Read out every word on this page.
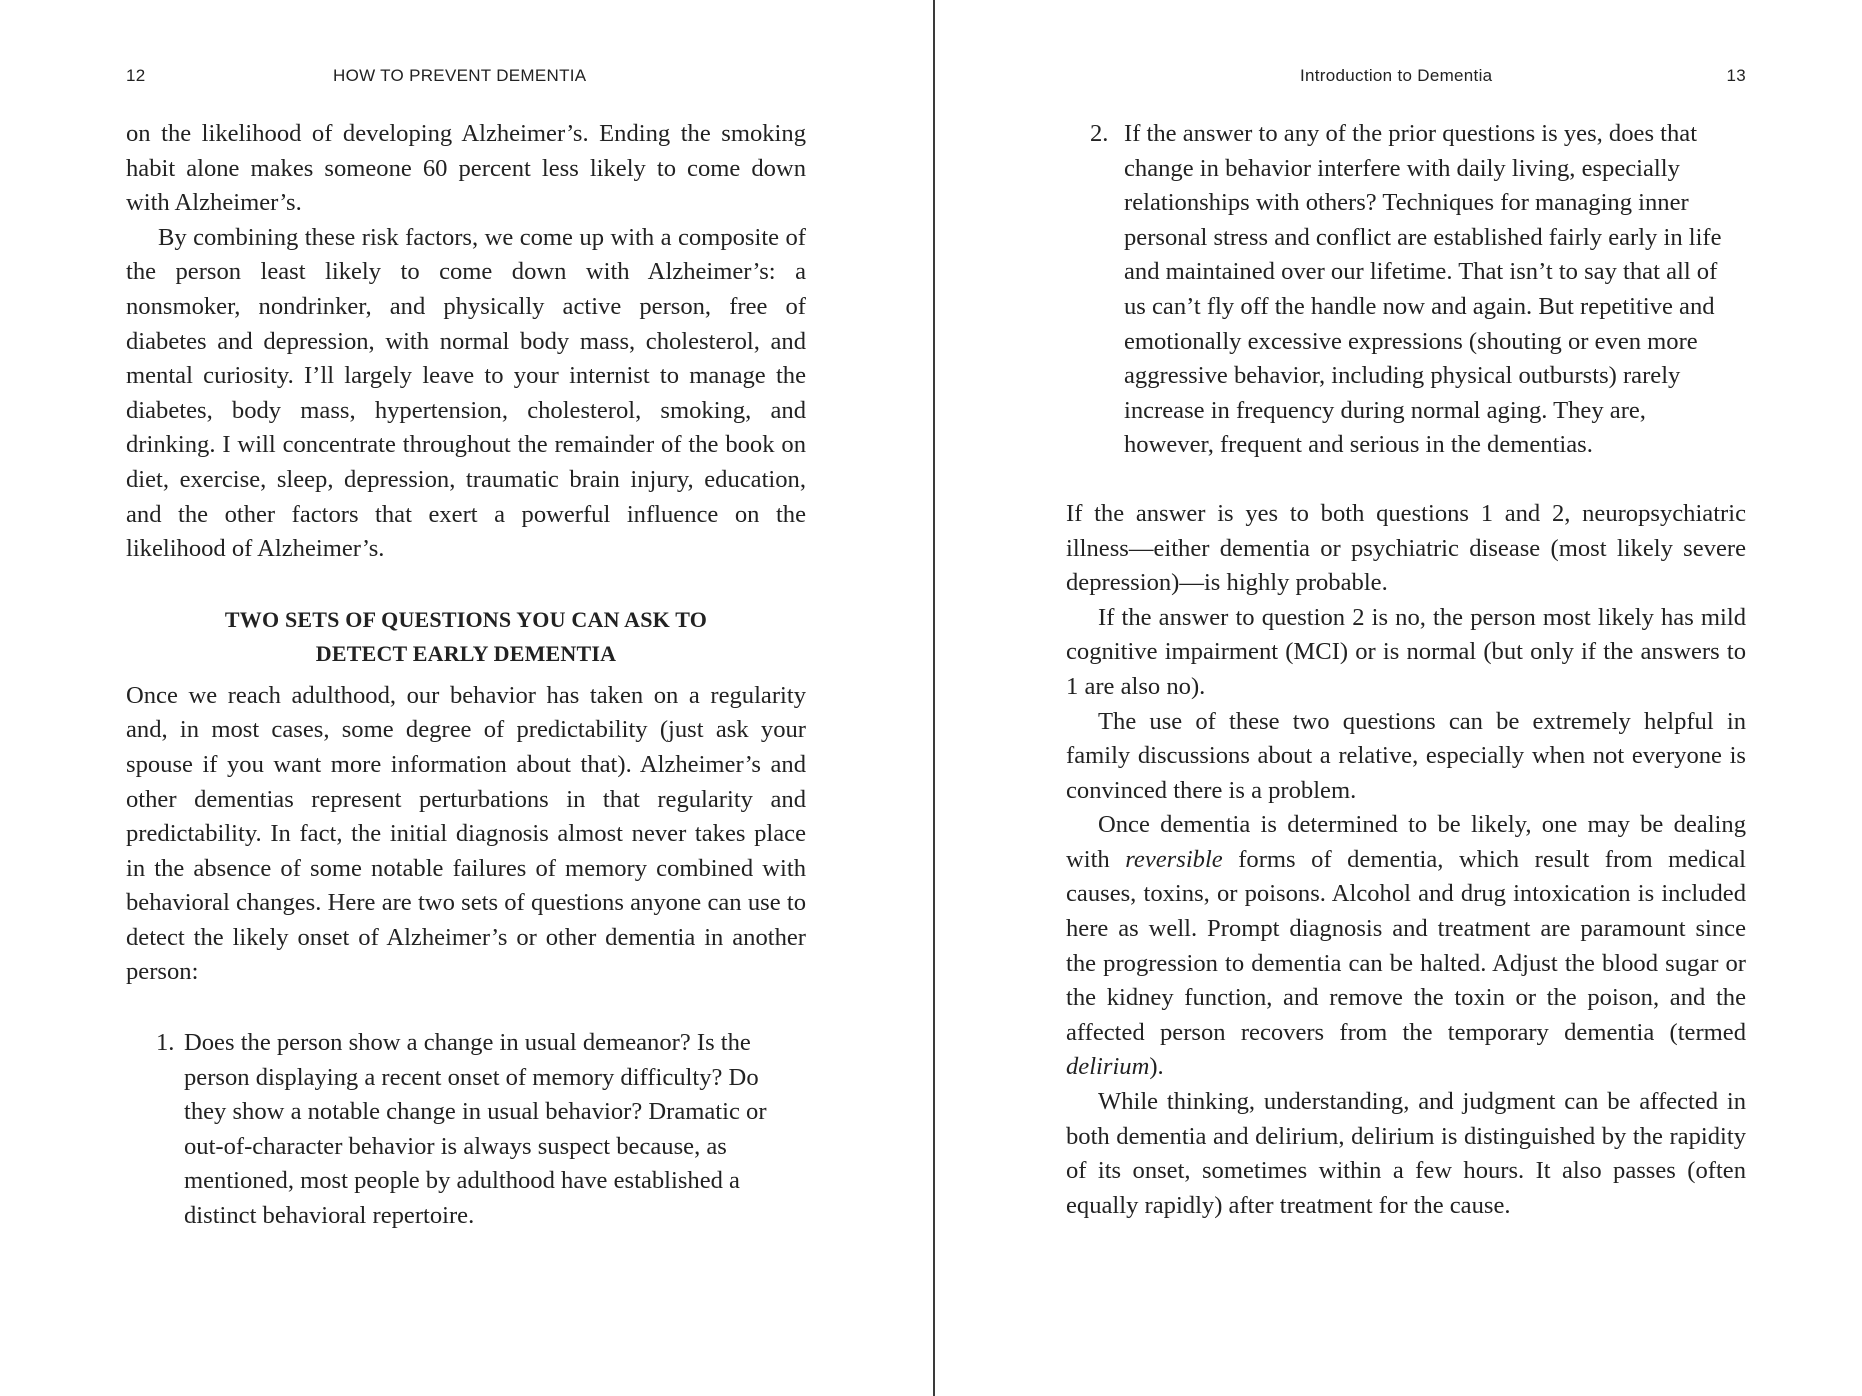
12	HOW TO PREVENT DEMENTIA

on the likelihood of developing Alzheimer’s. Ending the smoking habit alone makes someone 60 percent less likely to come down with Alzheimer’s.

By combining these risk factors, we come up with a composite of the person least likely to come down with Alzheimer’s: a nonsmoker, nondrinker, and physically active person, free of diabetes and depression, with normal body mass, cholesterol, and mental curiosity. I’ll largely leave to your internist to manage the diabetes, body mass, hypertension, cholesterol, smoking, and drinking. I will concentrate throughout the remainder of the book on diet, exercise, sleep, depression, traumatic brain injury, education, and the other factors that exert a powerful influence on the likelihood of Alzheimer’s.

TWO SETS OF QUESTIONS YOU CAN ASK TO
DETECT EARLY DEMENTIA

Once we reach adulthood, our behavior has taken on a regularity and, in most cases, some degree of predictability (just ask your spouse if you want more information about that). Alzheimer’s and other dementias represent perturbations in that regularity and predictability. In fact, the initial diagnosis almost never takes place in the absence of some notable failures of memory combined with behavioral changes. Here are two sets of questions anyone can use to detect the likely onset of Alzheimer’s or other dementia in another person:

1. Does the person show a change in usual demeanor? Is the person displaying a recent onset of memory difficulty? Do they show a notable change in usual behavior? Dramatic or out-of-character behavior is always suspect because, as mentioned, most people by adulthood have established a distinct behavioral repertoire.
Introduction to Dementia	13
2. If the answer to any of the prior questions is yes, does that change in behavior interfere with daily living, especially relationships with others? Techniques for managing inner personal stress and conflict are established fairly early in life and maintained over our lifetime. That isn’t to say that all of us can’t fly off the handle now and again. But repetitive and emotionally excessive expressions (shouting or even more aggressive behavior, including physical outbursts) rarely increase in frequency during normal aging. They are, however, frequent and serious in the dementias.

If the answer is yes to both questions 1 and 2, neuropsychiatric illness—either dementia or psychiatric disease (most likely severe depression)—is highly probable.

If the answer to question 2 is no, the person most likely has mild cognitive impairment (MCI) or is normal (but only if the answers to 1 are also no).

The use of these two questions can be extremely helpful in family discussions about a relative, especially when not everyone is convinced there is a problem.

Once dementia is determined to be likely, one may be dealing with reversible forms of dementia, which result from medical causes, toxins, or poisons. Alcohol and drug intoxication is included here as well. Prompt diagnosis and treatment are paramount since the progression to dementia can be halted. Adjust the blood sugar or the kidney function, and remove the toxin or the poison, and the affected person recovers from the temporary dementia (termed delirium).

While thinking, understanding, and judgment can be affected in both dementia and delirium, delirium is distinguished by the rapidity of its onset, sometimes within a few hours. It also passes (often equally rapidly) after treatment for the cause.
